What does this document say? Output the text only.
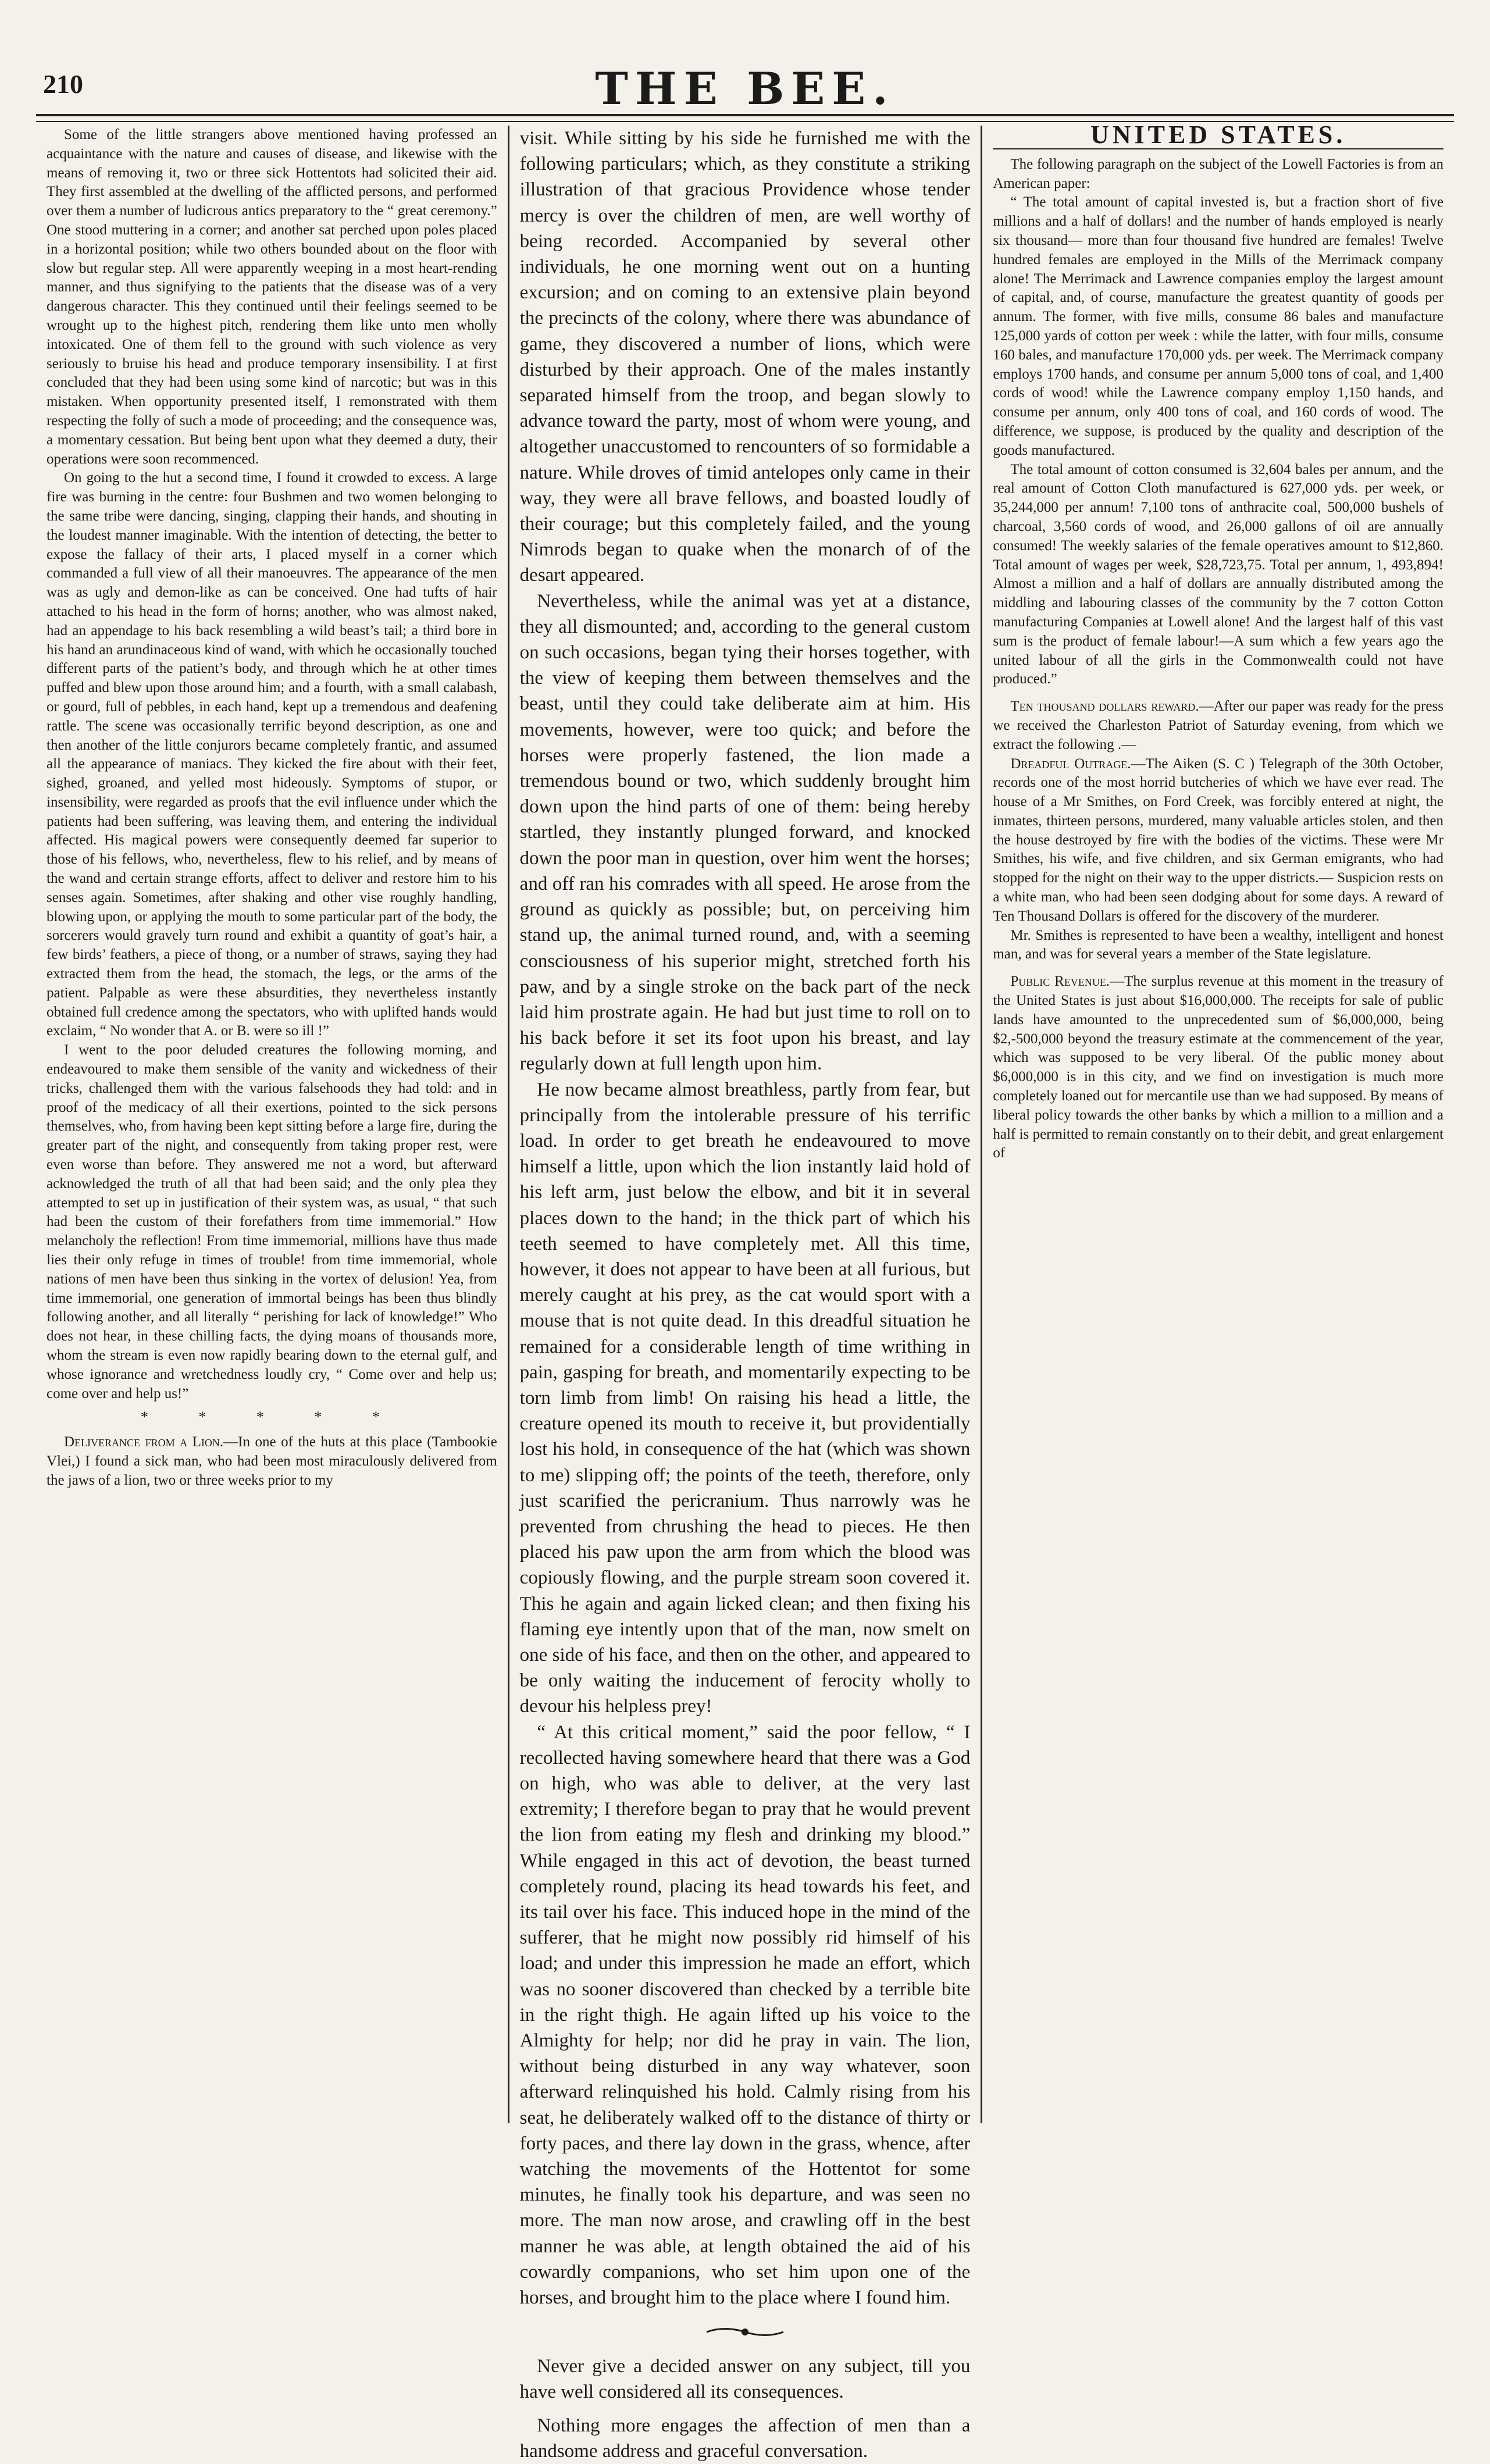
210	THE BEE.

Some of the little strangers above mentioned having professed an acquaintance with the nature and causes of disease, and likewise with the means of removing it, two or three sick Hottentots had solicited their aid. They first assembled at the dwelling of the afflicted persons, and performed over them a number of ludicrous antics preparatory to the “ great ceremony.” One stood muttering in a corner; and another sat perched upon poles placed in a horizontal position; while two others bounded about on the floor with slow but regular step. All were apparently weeping in a most heart-rending manner, and thus signifying to the patients that the disease was of a very dangerous character. This they continued until their feelings seemed to be wrought up to the highest pitch, rendering them like unto men wholly intoxicated. One of them fell to the ground with such violence as very seriously to bruise his head and produce temporary insensibility. I at first concluded that they had been using some kind of narcotic; but was in this mistaken. When opportunity presented itself, I remonstrated with them respecting the folly of such a mode of proceeding; and the consequence was, a momentary cessation. But being bent upon what they deemed a duty, their operations were soon recommenced.

On going to the hut a second time, I found it crowded to excess. A large fire was burning in the centre: four Bushmen and two women belonging to the same tribe were dancing, singing, clapping their hands, and shouting in the loudest manner imaginable. With the intention of detecting, the better to expose the fallacy of their arts, I placed myself in a corner which commanded a full view of all their manoeuvres. The appearance of the men was as ugly and demon-like as can be conceived. One had tufts of hair attached to his head in the form of horns; another, who was almost naked, had an appendage to his back resembling a wild beast’s tail; a third bore in his hand an arundinaceous kind of wand, with which he occasionally touched different parts of the patient’s body, and through which he at other times puffed and blew upon those around him; and a fourth, with a small calabash, or gourd, full of pebbles, in each hand, kept up a tremendous and deafening rattle. The scene was occasionally terrific beyond description, as one and then another of the little conjurors became completely frantic, and assumed all the appearance of maniacs. They kicked the fire about with their feet, sighed, groaned, and yelled most hideously. Symptoms of stupor, or insensibility, were regarded as proofs that the evil influence under which the patients had been suffering, was leaving them, and entering the individual affected. His magical powers were consequently deemed far superior to those of his fellows, who, nevertheless, flew to his relief, and by means of the wand and certain strange efforts, affect to deliver and restore him to his senses again. Sometimes, after shaking and other vise roughly handling, blowing upon, or applying the mouth to some particular part of the body, the sorcerers would gravely turn round and exhibit a quantity of goat’s hair, a few birds’ feathers, a piece of thong, or a number of straws, saying they had extracted them from the head, the stomach, the legs, or the arms of the patient. Palpable as were these absurdities, they nevertheless instantly obtained full credence among the spectators, who with uplifted hands would exclaim, “ No wonder that A. or B. were so ill !”

I went to the poor deluded creatures the following morning, and endeavoured to make them sensible of the vanity and wickedness of their tricks, challenged them with the various falsehoods they had told: and in proof of the medicacy of all their exertions, pointed to the sick persons themselves, who, from having been kept sitting before a large fire, during the greater part of the night, and consequently from taking proper rest, were even worse than before. They answered me not a word, but afterward acknowledged the truth of all that had been said; and the only plea they attempted to set up in justification of their system was, as usual, “ that such had been the custom of their forefathers from time immemorial.” How melancholy the reflection! From time immemorial, millions have thus made lies their only refuge in times of trouble! from time immemorial, whole nations of men have been thus sinking in the vortex of delusion! Yea, from time immemorial, one generation of immortal beings has been thus blindly following another, and all literally “ perishing for lack of knowledge!” Who does not hear, in these chilling facts, the dying moans of thousands more, whom the stream is even now rapidly bearing down to the eternal gulf, and whose ignorance and wretchedness loudly cry, “ Come over and help us; come over and help us!”

* * * * *

Deliverance from a Lion.—In one of the huts at this place (Tambookie Vlei,) I found a sick man, who had been most miraculously delivered from the jaws of a lion, two or three weeks prior to my

visit. While sitting by his side he furnished me with the following particulars; which, as they constitute a striking illustration of that gracious Providence whose tender mercy is over the children of men, are well worthy of being recorded. Accompanied by several other individuals, he one morning went out on a hunting excursion; and on coming to an extensive plain beyond the precincts of the colony, where there was abundance of game, they discovered a number of lions, which were disturbed by their approach. One of the males instantly separated himself from the troop, and began slowly to advance toward the party, most of whom were young, and altogether unaccustomed to rencounters of so formidable a nature. While droves of timid antelopes only came in their way, they were all brave fellows, and boasted loudly of their courage; but this completely failed, and the young Nimrods began to quake when the monarch of of the desart appeared.

Nevertheless, while the animal was yet at a distance, they all dismounted; and, according to the general custom on such occasions, began tying their horses together, with the view of keeping them between themselves and the beast, until they could take deliberate aim at him. His movements, however, were too quick; and before the horses were properly fastened, the lion made a tremendous bound or two, which suddenly brought him down upon the hind parts of one of them: being hereby startled, they instantly plunged forward, and knocked down the poor man in question, over him went the horses; and off ran his comrades with all speed. He arose from the ground as quickly as possible; but, on perceiving him stand up, the animal turned round, and, with a seeming consciousness of his superior might, stretched forth his paw, and by a single stroke on the back part of the neck laid him prostrate again. He had but just time to roll on to his back before it set its foot upon his breast, and lay regularly down at full length upon him.

He now became almost breathless, partly from fear, but principally from the intolerable pressure of his terrific load. In order to get breath he endeavoured to move himself a little, upon which the lion instantly laid hold of his left arm, just below the elbow, and bit it in several places down to the hand; in the thick part of which his teeth seemed to have completely met. All this time, however, it does not appear to have been at all furious, but merely caught at his prey, as the cat would sport with a mouse that is not quite dead. In this dreadful situation he remained for a considerable length of time writhing in pain, gasping for breath, and momentarily expecting to be torn limb from limb! On raising his head a little, the creature opened its mouth to receive it, but providentially lost his hold, in consequence of the hat (which was shown to me) slipping off; the points of the teeth, therefore, only just scarified the pericranium. Thus narrowly was he prevented from chrushing the head to pieces. He then placed his paw upon the arm from which the blood was copiously flowing, and the purple stream soon covered it. This he again and again licked clean; and then fixing his flaming eye intently upon that of the man, now smelt on one side of his face, and then on the other, and appeared to be only waiting the inducement of ferocity wholly to devour his helpless prey!

“ At this critical moment,” said the poor fellow, “ I recollected having somewhere heard that there was a God on high, who was able to deliver, at the very last extremity; I therefore began to pray that he would prevent the lion from eating my flesh and drinking my blood.” While engaged in this act of devotion, the beast turned completely round, placing its head towards his feet, and its tail over his face. This induced hope in the mind of the sufferer, that he might now possibly rid himself of his load; and under this impression he made an effort, which was no sooner discovered than checked by a terrible bite in the right thigh. He again lifted up his voice to the Almighty for help; nor did he pray in vain. The lion, without being disturbed in any way whatever, soon afterward relinquished his hold. Calmly rising from his seat, he deliberately walked off to the distance of thirty or forty paces, and there lay down in the grass, whence, after watching the movements of the Hottentot for some minutes, he finally took his departure, and was seen no more. The man now arose, and crawling off in the best manner he was able, at length obtained the aid of his cowardly companions, who set him upon one of the horses, and brought him to the place where I found him.

Never give a decided answer on any subject, till you have well considered all its consequences.

Nothing more engages the affection of men than a handsome address and graceful conversation.

UNITED STATES.

The following paragraph on the subject of the Lowell Factories is from an American paper:

“ The total amount of capital invested is, but a fraction short of five millions and a half of dollars! and the number of hands employed is nearly six thousand— more than four thousand five hundred are females! Twelve hundred females are employed in the Mills of the Merrimack company alone! The Merrimack and Lawrence companies employ the largest amount of capital, and, of course, manufacture the greatest quantity of goods per annum. The former, with five mills, consume 86 bales and manufacture 125,000 yards of cotton per week : while the latter, with four mills, consume 160 bales, and manufacture 170,000 yds. per week. The Merrimack company employs 1700 hands, and consume per annum 5,000 tons of coal, and 1,400 cords of wood! while the Lawrence company employ 1,150 hands, and consume per annum, only 400 tons of coal, and 160 cords of wood. The difference, we suppose, is produced by the quality and description of the goods manufactured.

The total amount of cotton consumed is 32,604 bales per annum, and the real amount of Cotton Cloth manufactured is 627,000 yds. per week, or 35,244,000 per annum! 7,100 tons of anthracite coal, 500,000 bushels of charcoal, 3,560 cords of wood, and 26,000 gallons of oil are annually consumed! The weekly salaries of the female operatives amount to $12,860. Total amount of wages per week, $28,723,75. Total per annum, 1, 493,894! Almost a million and a half of dollars are annually distributed among the middling and labouring classes of the community by the 7 cotton Cotton manufacturing Companies at Lowell alone! And the largest half of this vast sum is the product of female labour!—A sum which a few years ago the united labour of all the girls in the Commonwealth could not have produced.”

Ten thousand dollars reward.—After our paper was ready for the press we received the Charleston Patriot of Saturday evening, from which we extract the following .—

Dreadful Outrage.—The Aiken (S. C ) Telegraph of the 30th October, records one of the most horrid butcheries of which we have ever read. The house of a Mr Smithes, on Ford Creek, was forcibly entered at night, the inmates, thirteen persons, murdered, many valuable articles stolen, and then the house destroyed by fire with the bodies of the victims. These were Mr Smithes, his wife, and five children, and six German emigrants, who had stopped for the night on their way to the upper districts.— Suspicion rests on a white man, who had been seen dodging about for some days. A reward of Ten Thousand Dollars is offered for the discovery of the murderer.

Mr. Smithes is represented to have been a wealthy, intelligent and honest man, and was for several years a member of the State legislature.

Public Revenue.—The surplus revenue at this moment in the treasury of the United States is just about $16,000,000. The receipts for sale of public lands have amounted to the unprecedented sum of $6,000,000, being $2,-500,000 beyond the treasury estimate at the commencement of the year, which was supposed to be very liberal. Of the public money about $6,000,000 is in this city, and we find on investigation is much more completely loaned out for mercantile use than we had supposed. By means of liberal policy towards the other banks by which a million to a million and a half is permitted to remain constantly on to their debit, and great enlargement of
